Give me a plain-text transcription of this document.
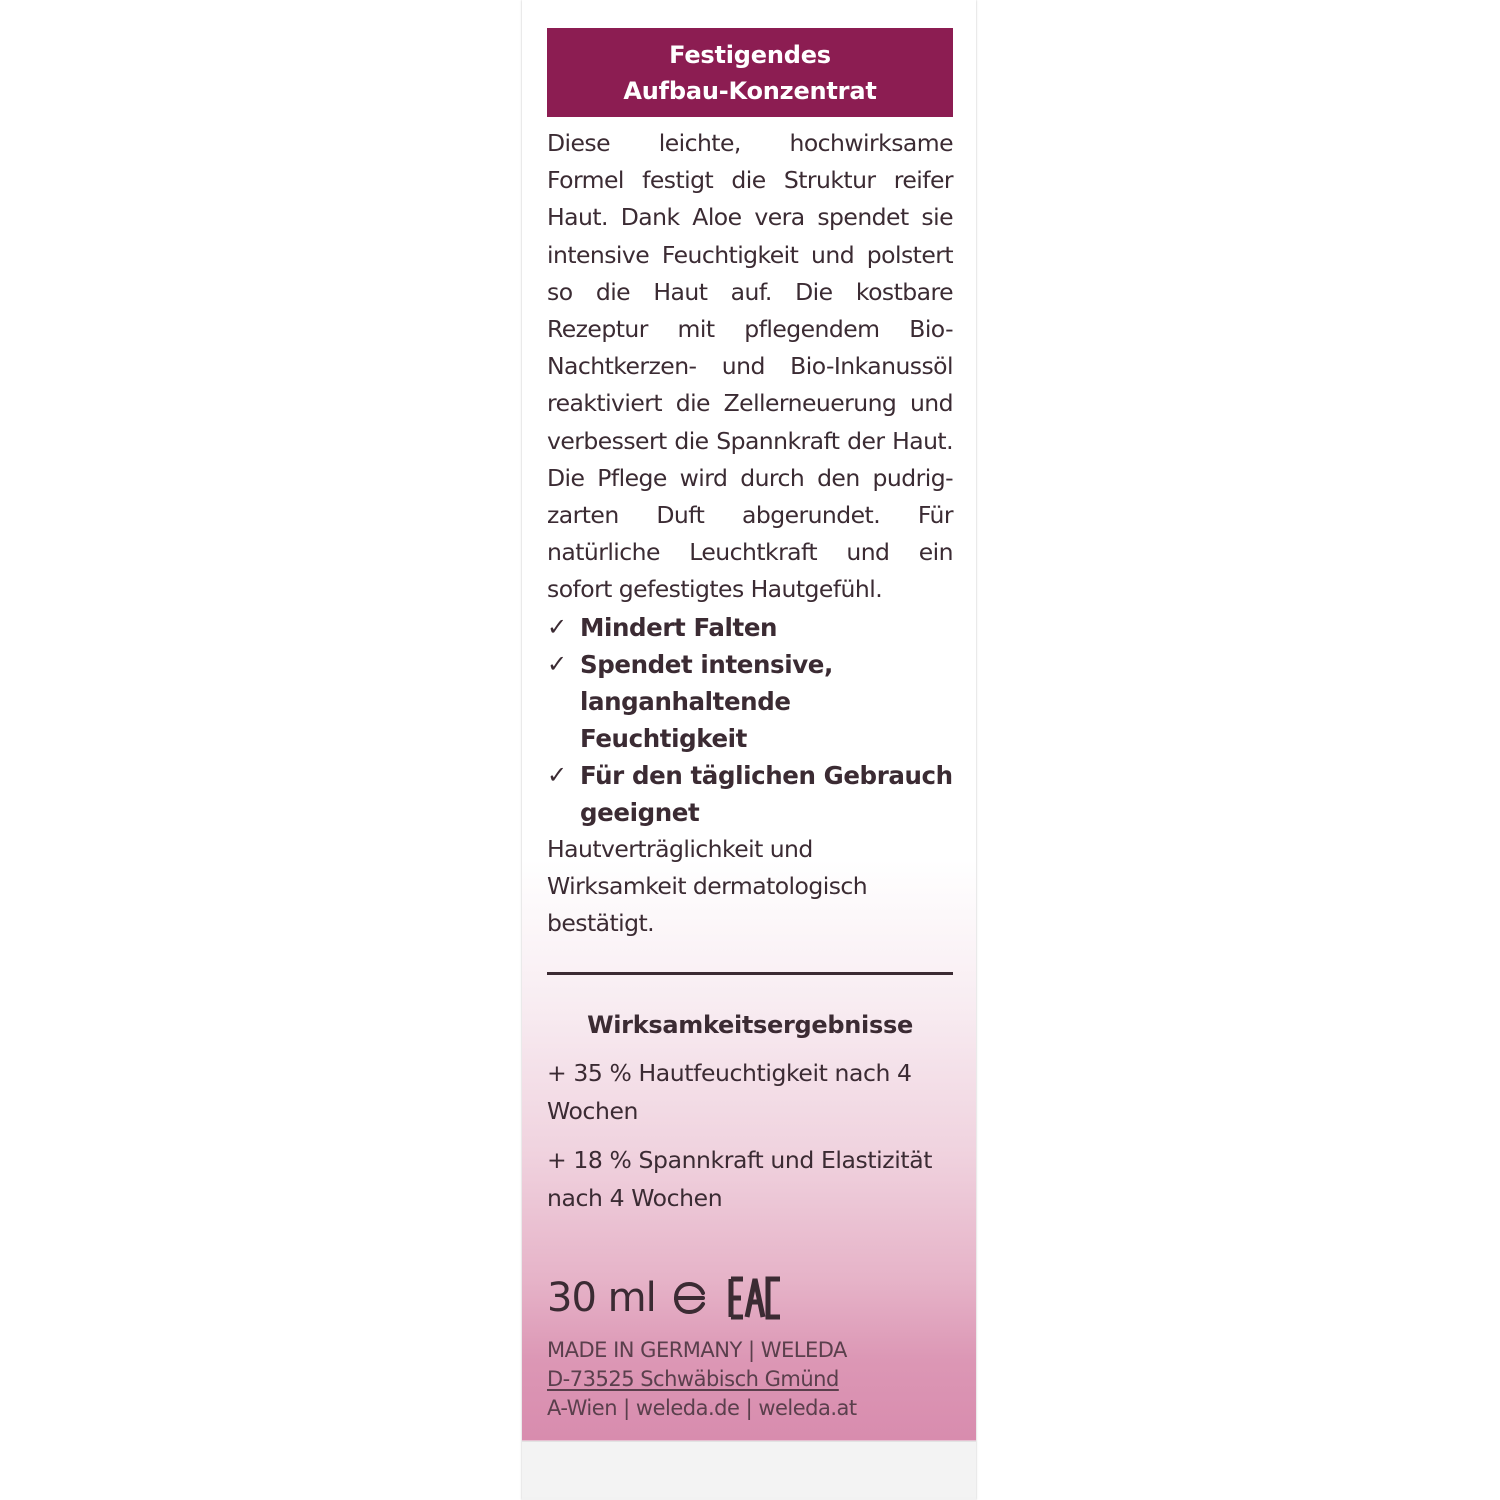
Festigendes
Aufbau-Konzentrat
Diese leichte, hochwirksame Formel festigt die Struktur reifer Haut. Dank Aloe vera spendet sie intensive Feuchtigkeit und polstert so die Haut auf. Die kostbare Rezeptur mit pflegendem Bio-Nachtkerzen- und Bio-Inkanussöl reaktiviert die Zellerneuerung und verbessert die Spannkraft der Haut. Die Pflege wird durch den pudrig-zarten Duft abgerundet. Für natürliche Leuchtkraft und ein sofort gefestigtes Hautgefühl.
✓ Mindert Falten
✓ Spendet intensive, langanhaltende Feuchtigkeit
✓ Für den täglichen Gebrauch geeignet
Hautverträglichkeit und Wirksamkeit dermatologisch bestätigt.
Wirksamkeitsergebnisse
+ 35 % Hautfeuchtigkeit nach 4 Wochen
+ 18 % Spannkraft und Elastizität nach 4 Wochen
30 ml
MADE IN GERMANY | WELEDA
D-73525 Schwäbisch Gmünd
A-Wien | weleda.de | weleda.at
